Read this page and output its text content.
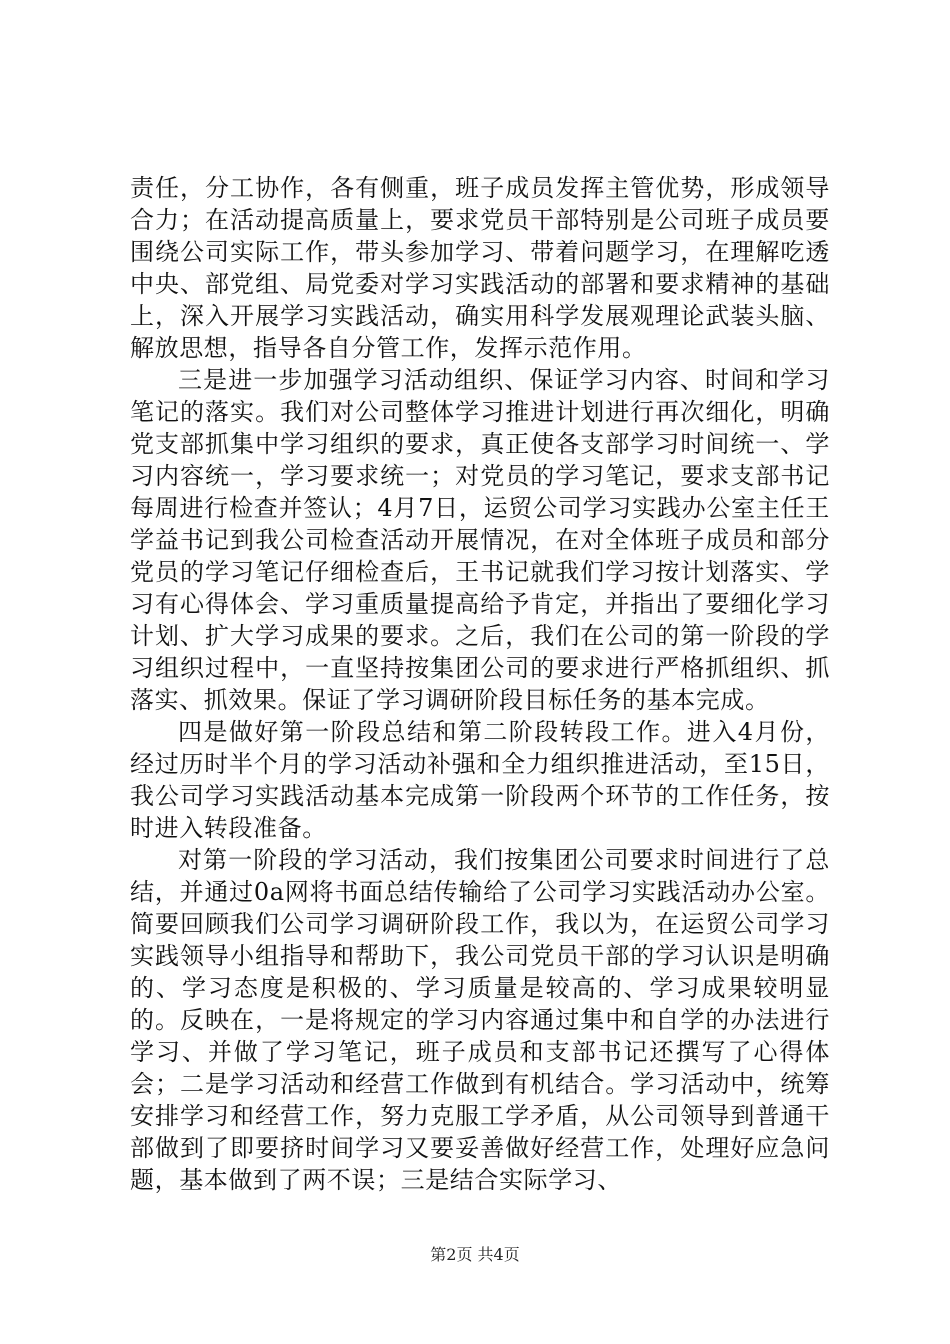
责任，分工协作，各有侧重，班子成员发挥主管优势，形成领导合力；在活动提高质量上，要求党员干部特别是公司班子成员要围绕公司实际工作，带头参加学习、带着问题学习，在理解吃透中央、部党组、局党委对学习实践活动的部署和要求精神的基础上，深入开展学习实践活动，确实用科学发展观理论武装头脑、解放思想，指导各自分管工作，发挥示范作用。

三是进一步加强学习活动组织、保证学习内容、时间和学习笔记的落实。我们对公司整体学习推进计划进行再次细化，明确党支部抓集中学习组织的要求，真正使各支部学习时间统一、学习内容统一，学习要求统一；对党员的学习笔记，要求支部书记每周进行检查并签认；4月7日，运贸公司学习实践办公室主任王学益书记到我公司检查活动开展情况，在对全体班子成员和部分党员的学习笔记仔细检查后，王书记就我们学习按计划落实、学习有心得体会、学习重质量提高给予肯定，并指出了要细化学习计划、扩大学习成果的要求。之后，我们在公司的第一阶段的学习组织过程中，一直坚持按集团公司的要求进行严格抓组织、抓落实、抓效果。保证了学习调研阶段目标任务的基本完成。

四是做好第一阶段总结和第二阶段转段工作。进入4月份，经过历时半个月的学习活动补强和全力组织推进活动，至15日，我公司学习实践活动基本完成第一阶段两个环节的工作任务，按时进入转段准备。

对第一阶段的学习活动，我们按集团公司要求时间进行了总结，并通过0a网将书面总结传输给了公司学习实践活动办公室。简要回顾我们公司学习调研阶段工作，我以为，在运贸公司学习实践领导小组指导和帮助下，我公司党员干部的学习认识是明确的、学习态度是积极的、学习质量是较高的、学习成果较明显的。反映在，一是将规定的学习内容通过集中和自学的办法进行学习、并做了学习笔记，班子成员和支部书记还撰写了心得体会；二是学习活动和经营工作做到有机结合。学习活动中，统筹安排学习和经营工作，努力克服工学矛盾，从公司领导到普通干部做到了即要挤时间学习又要妥善做好经营工作，处理好应急问题，基本做到了两不误；三是结合实际学习、

第2页 共4页
